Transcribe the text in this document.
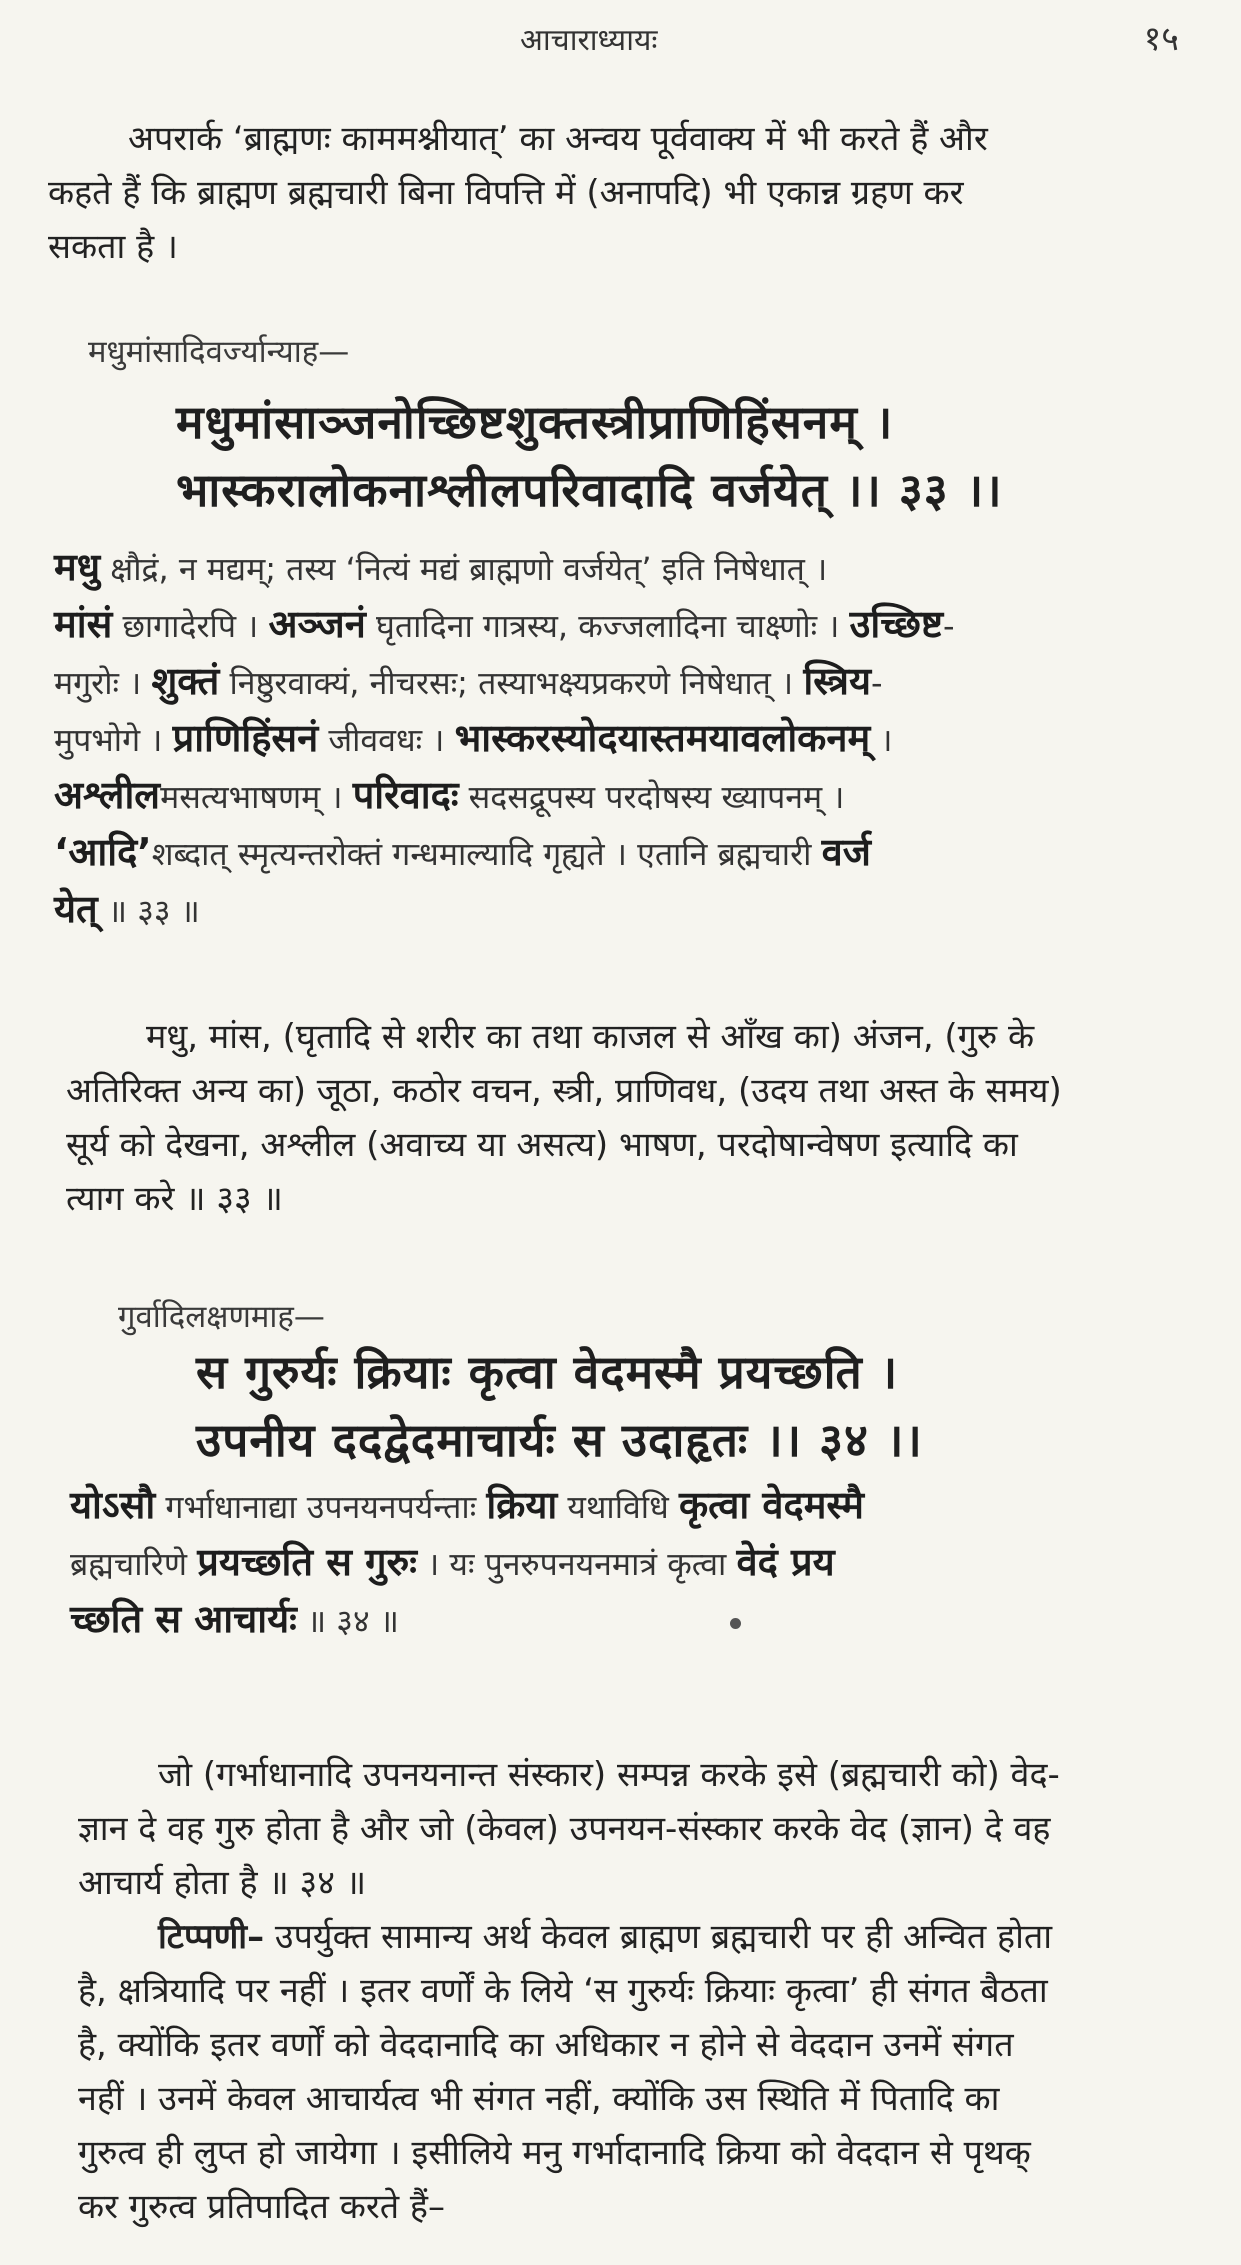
आचाराध्यायः	१५
अपरार्क ‘ब्राह्मणः काममश्नीयात्’ का अन्वय पूर्ववाक्य में भी करते हैं और
कहते हैं कि ब्राह्मण ब्रह्मचारी बिना विपत्ति में (अनापदि) भी एकान्न ग्रहण कर
सकता है ।
मधुमांसादिवर्ज्यान्याह—
मधुमांसाञ्जनोच्छिष्टशुक्तस्त्रीप्राणिहिंसनम् ।
भास्करालोकनाश्लीलपरिवादादि वर्जयेत् ।। ३३ ।।
मधु क्षौद्रं, न मद्यम्; तस्य ‘नित्यं मद्यं ब्राह्मणो वर्जयेत्’ इति निषेधात् ।
मांसं छागादेरपि । अञ्जनं घृतादिना गात्रस्य, कज्जलादिना चाक्ष्णोः । उच्छिष्ट-
मगुरोः । शुक्तं निष्ठुरवाक्यं, नीचरसः; तस्याभक्ष्यप्रकरणे निषेधात् । स्त्रिय-
मुपभोगे । प्राणिहिंसनं जीववधः । भास्करस्योदयास्तमयावलोकनम् ।
अश्लीलमसत्यभाषणम् । परिवादः सदसद्रूपस्य परदोषस्य ख्यापनम् ।
‘आदि’शब्दात् स्मृत्यन्तरोक्तं गन्धमाल्यादि गृह्यते । एतानि ब्रह्मचारी वर्ज
येत् ॥ ३३ ॥
मधु, मांस, (घृतादि से शरीर का तथा काजल से आँख का) अंजन, (गुरु के
अतिरिक्त अन्य का) जूठा, कठोर वचन, स्त्री, प्राणिवध, (उदय तथा अस्त के समय)
सूर्य को देखना, अश्लील (अवाच्य या असत्य) भाषण, परदोषान्वेषण इत्यादि का
त्याग करे ॥ ३३ ॥
गुर्वादिलक्षणमाह—
स गुरुर्यः क्रियाः कृत्वा वेदमस्मै प्रयच्छति ।
उपनीय ददद्वेदमाचार्यः स उदाहृतः ।। ३४ ।।
योऽसौ गर्भाधानाद्या उपनयनपर्यन्ताः क्रिया यथाविधि कृत्वा वेदमस्मै
ब्रह्मचारिणे प्रयच्छति स गुरुः । यः पुनरुपनयनमात्रं कृत्वा वेदं प्रय
च्छति स आचार्यः ॥ ३४ ॥
जो (गर्भाधानादि उपनयनान्त संस्कार) सम्पन्न करके इसे (ब्रह्मचारी को) वेद-
ज्ञान दे वह गुरु होता है और जो (केवल) उपनयन-संस्कार करके वेद (ज्ञान) दे वह
आचार्य होता है ॥ ३४ ॥
टिप्पणी– उपर्युक्त सामान्य अर्थ केवल ब्राह्मण ब्रह्मचारी पर ही अन्वित होता
है, क्षत्रियादि पर नहीं । इतर वर्णों के लिये ‘स गुरुर्यः क्रियाः कृत्वा’ ही संगत बैठता
है, क्योंकि इतर वर्णों को वेददानादि का अधिकार न होने से वेददान उनमें संगत
नहीं । उनमें केवल आचार्यत्व भी संगत नहीं, क्योंकि उस स्थिति में पितादि का
गुरुत्व ही लुप्त हो जायेगा । इसीलिये मनु गर्भादानादि क्रिया को वेददान से पृथक्
कर गुरुत्व प्रतिपादित करते हैं–
